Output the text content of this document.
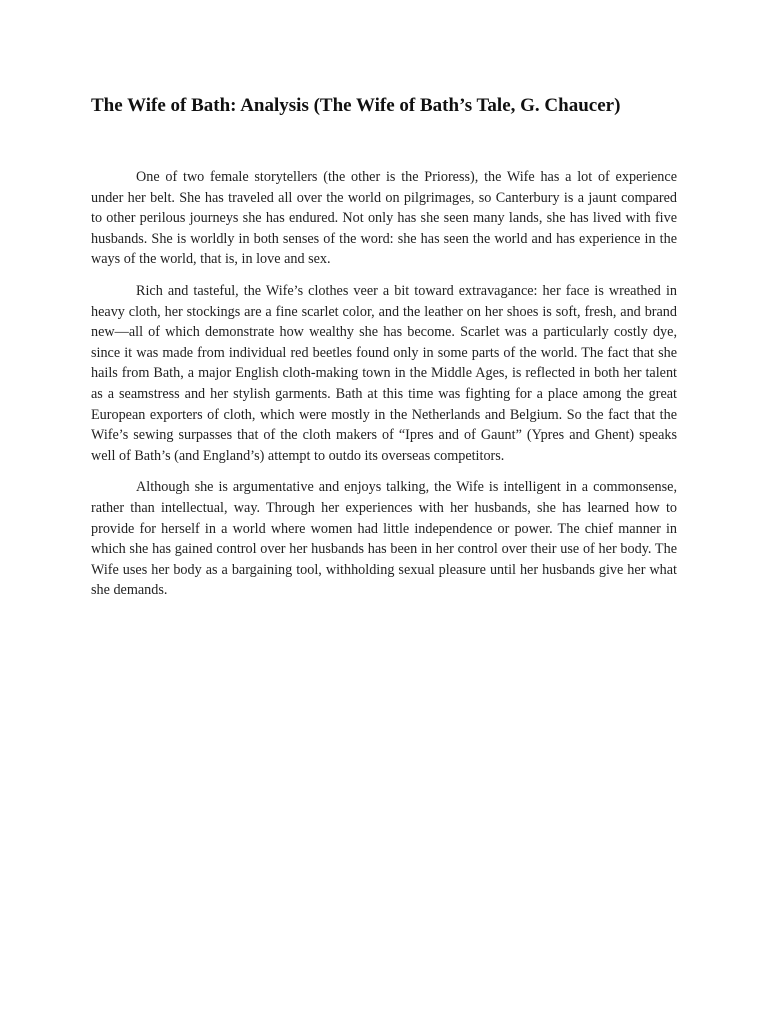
The Wife of Bath: Analysis (The Wife of Bath’s Tale, G. Chaucer)

One of two female storytellers (the other is the Prioress), the Wife has a lot of experience under her belt. She has traveled all over the world on pilgrimages, so Canterbury is a jaunt compared to other perilous journeys she has endured. Not only has she seen many lands, she has lived with five husbands. She is worldly in both senses of the word: she has seen the world and has experience in the ways of the world, that is, in love and sex.

Rich and tasteful, the Wife’s clothes veer a bit toward extravagance: her face is wreathed in heavy cloth, her stockings are a fine scarlet color, and the leather on her shoes is soft, fresh, and brand new—all of which demonstrate how wealthy she has become. Scarlet was a particularly costly dye, since it was made from individual red beetles found only in some parts of the world. The fact that she hails from Bath, a major English cloth-making town in the Middle Ages, is reflected in both her talent as a seamstress and her stylish garments. Bath at this time was fighting for a place among the great European exporters of cloth, which were mostly in the Netherlands and Belgium. So the fact that the Wife’s sewing surpasses that of the cloth makers of “Ipres and of Gaunt” (Ypres and Ghent) speaks well of Bath’s (and England’s) attempt to outdo its overseas competitors.

Although she is argumentative and enjoys talking, the Wife is intelligent in a commonsense, rather than intellectual, way. Through her experiences with her husbands, she has learned how to provide for herself in a world where women had little independence or power. The chief manner in which she has gained control over her husbands has been in her control over their use of her body. The Wife uses her body as a bargaining tool, withholding sexual pleasure until her husbands give her what she demands.
